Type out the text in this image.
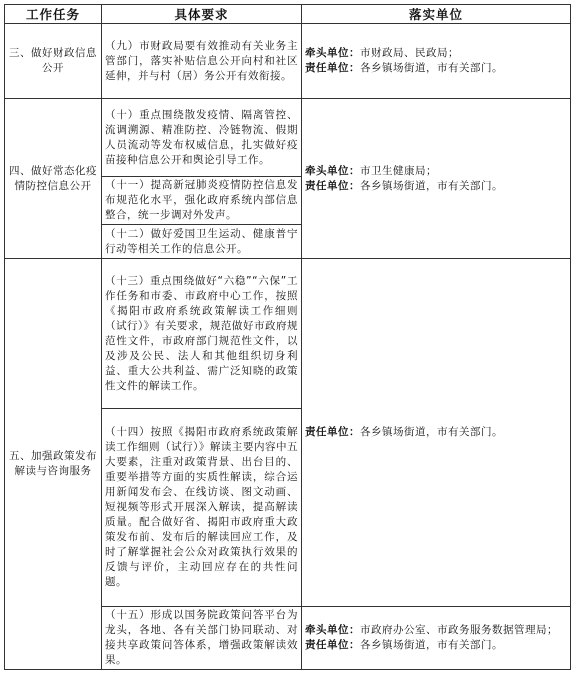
工作任务	具体要求	落实单位
三、做好财政信息公开	（九）市财政局要有效推动有关业务主管部门，落实补贴信息公开向村和社区延伸，并与村（居）务公开有效衔接。	牵头单位：市财政局、民政局；
责任单位：各乡镇场街道，市有关部门。

四、做好常态化疫情防控信息公开	（十）重点围绕散发疫情、隔离管控、流调溯源、精准防控、冷链物流、假期人员流动等发布权威信息，扎实做好疫苗接种信息公开和舆论引导工作。	牵头单位：市卫生健康局；
责任单位：各乡镇场街道，市有关部门。

	（十一）提高新冠肺炎疫情防控信息发布规范化水平，强化政府系统内部信息整合，统一步调对外发声。	
	（十二）做好爱国卫生运动、健康普宁行动等相关工作的信息公开。	
五、加强政策发布解读与咨询服务	（十三）重点围绕做好“六稳”“六保”工作任务和市委、市政府中心工作，按照《揭阳市政府系统政策解读工作细则（试行）》有关要求，规范做好市政府规范性文件，市政府部门规范性文件，以及涉及公民、法人和其他组织切身利益、重大公共利益、需广泛知晓的政策性文件的解读工作。	责任单位：各乡镇场街道，市有关部门。

	（十四）按照《揭阳市政府系统政策解读工作细则（试行）》解读主要内容中五大要素，注重对政策背景、出台目的、重要举措等方面的实质性解读，综合运用新闻发布会、在线访谈、图文动画、短视频等形式开展深入解读，提高解读质量。配合做好省、揭阳市政府重大政策发布前、发布后的解读回应工作，及时了解掌握社会公众对政策执行效果的反馈与评价，主动回应存在的共性问题。	
	（十五）形成以国务院政策问答平台为龙头，各地、各有关部门协同联动、对接共享政策问答体系，增强政策解读效果。	牵头单位：市政府办公室、市政务服务数据管理局；
责任单位：各乡镇场街道，市有关部门。
